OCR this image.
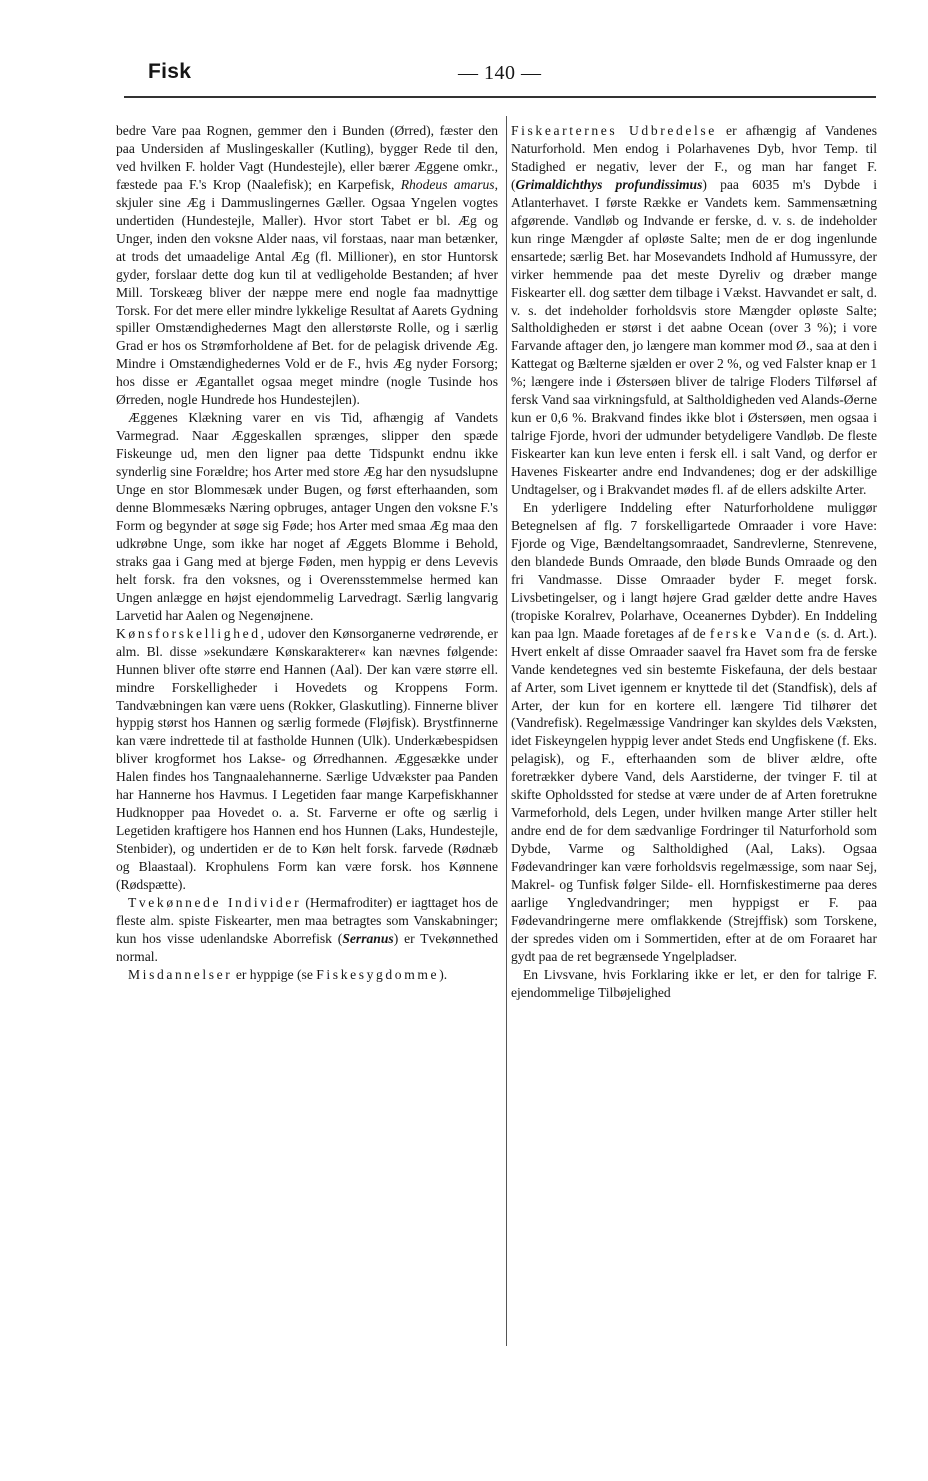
Fisk	— 140 —

bedre Vare paa Rognen, gemmer den i Bunden (Ørred), fæster den paa Undersiden af Muslingeskaller (Kutling), bygger Rede til den, ved hvilken F. holder Vagt (Hundestejle), eller bærer Æggene omkr., fæstede paa F.'s Krop (Naalefisk); en Karpefisk, Rhodeus amarus, skjuler sine Æg i Dammuslingernes Gæller. Ogsaa Yngelen vogtes undertiden (Hundestejle, Maller). Hvor stort Tabet er bl. Æg og Unger, inden den voksne Alder naas, vil forstaas, naar man betænker, at trods det umaadelige Antal Æg (fl. Millioner), en stor Huntorsk gyder, forslaar dette dog kun til at vedligeholde Bestanden; af hver Mill. Torskeæg bliver der næppe mere end nogle faa madnyttige Torsk. For det mere eller mindre lykkelige Resultat af Aarets Gydning spiller Omstændighedernes Magt den allerstørste Rolle, og i særlig Grad er hos os Strømforholdene af Bet. for de pelagisk drivende Æg. Mindre i Omstændighedernes Vold er de F., hvis Æg nyder Forsorg; hos disse er Ægantallet ogsaa meget mindre (nogle Tusinde hos Ørreden, nogle Hundrede hos Hundestejlen).

Æggenes Klækning varer en vis Tid, afhængig af Vandets Varmegrad. Naar Æggeskallen sprænges, slipper den spæde Fiskeunge ud, men den ligner paa dette Tidspunkt endnu ikke synderlig sine Forældre; hos Arter med store Æg har den nysudslupne Unge en stor Blommesæk under Bugen, og først efterhaanden, som denne Blommesæks Næring opbruges, antager Ungen den voksne F.'s Form og begynder at søge sig Føde; hos Arter med smaa Æg maa den udkrøbne Unge, som ikke har noget af Æggets Blomme i Behold, straks gaa i Gang med at bjerge Føden, men hyppig er dens Levevis helt forsk. fra den voksnes, og i Overensstemmelse hermed kan Ungen anlægge en højst ejendommelig Larvedragt. Særlig langvarig Larvetid har Aalen og Negenøjnene.

Kønsforskellighed, udover den Kønsorganerne vedrørende, er alm. Bl. disse »sekundære Kønskarakterer« kan nævnes følgende: Hunnen bliver ofte større end Hannen (Aal). Der kan være større ell. mindre Forskelligheder i Hovedets og Kroppens Form. Tandvæbningen kan være uens (Rokker, Glaskutling). Finnerne bliver hyppig størst hos Hannen og særlig formede (Fløjfisk). Brystfinnerne kan være indrettede til at fastholde Hunnen (Ulk). Underkæbespidsen bliver krogformet hos Lakse- og Ørredhannen. Æggesække under Halen findes hos Tangnaalehannerne. Særlige Udvækster paa Panden har Hannerne hos Havmus. I Legetiden faar mange Karpefiskhanner Hudknopper paa Hovedet o. a. St. Farverne er ofte og særlig i Legetiden kraftigere hos Hannen end hos Hunnen (Laks, Hundestejle, Stenbider), og undertiden er de to Køn helt forsk. farvede (Rødnæb og Blaastaal). Krophulens Form kan være forsk. hos Kønnene (Rødspætte).

Tvekønnede Individer (Hermafroditer) er iagttaget hos de fleste alm. spiste Fiskearter, men maa betragtes som Vanskabninger; kun hos visse udenlandske Aborrefisk (Serranus) er Tvekønnethed normal.

Misdannelser er hyppige (se Fiskesygdomme).

Fiskearternes Udbredelse er afhængig af Vandenes Naturforhold. Men endog i Polarhavenes Dyb, hvor Temp. til Stadighed er negativ, lever der F., og man har fanget F. (Grimaldichthys profundissimus) paa 6035 m's Dybde i Atlanterhavet. I første Række er Vandets kem. Sammensætning afgørende. Vandløb og Indvande er ferske, d. v. s. de indeholder kun ringe Mængder af opløste Salte; men de er dog ingenlunde ensartede; særlig Bet. har Mosevandets Indhold af Humussyre, der virker hemmende paa det meste Dyreliv og dræber mange Fiskearter ell. dog sætter dem tilbage i Vækst. Havvandet er salt, d. v. s. det indeholder forholdsvis store Mængder opløste Salte; Saltholdigheden er størst i det aabne Ocean (over 3 %); i vore Farvande aftager den, jo længere man kommer mod Ø., saa at den i Kattegat og Bælterne sjælden er over 2 %, og ved Falster knap er 1 %; længere inde i Østersøen bliver de talrige Floders Tilførsel af fersk Vand saa virkningsfuld, at Saltholdigheden ved Alands-Øerne kun er 0,6 %. Brakvand findes ikke blot i Østersøen, men ogsaa i talrige Fjorde, hvori der udmunder betydeligere Vandløb. De fleste Fiskearter kan kun leve enten i fersk ell. i salt Vand, og derfor er Havenes Fiskearter andre end Indvandenes; dog er der adskillige Undtagelser, og i Brakvandet mødes fl. af de ellers adskilte Arter.

En yderligere Inddeling efter Naturforholdene muliggør Betegnelsen af flg. 7 forskelligartede Omraader i vore Have: Fjorde og Vige, Bændeltangsomraadet, Sandrevlerne, Stenrevene, den blandede Bunds Omraade, den bløde Bunds Omraade og den fri Vandmasse. Disse Omraader byder F. meget forsk. Livsbetingelser, og i langt højere Grad gælder dette andre Haves (tropiske Koralrev, Polarhave, Oceanernes Dybder). En Inddeling kan paa lgn. Maade foretages af de ferske Vande (s. d. Art.). Hvert enkelt af disse Omraader saavel fra Havet som fra de ferske Vande kendetegnes ved sin bestemte Fiskefauna, der dels bestaar af Arter, som Livet igennem er knyttede til det (Standfisk), dels af Arter, der kun for en kortere ell. længere Tid tilhører det (Vandrefisk). Regelmæssige Vandringer kan skyldes dels Væksten, idet Fiskeyngelen hyppig lever andet Steds end Ungfiskene (f. Eks. pelagisk), og F., efterhaanden som de bliver ældre, ofte foretrækker dybere Vand, dels Aarstiderne, der tvinger F. til at skifte Opholdssted for stedse at være under de af Arten foretrukne Varmeforhold, dels Legen, under hvilken mange Arter stiller helt andre end de for dem sædvanlige Fordringer til Naturforhold som Dybde, Varme og Saltholdighed (Aal, Laks). Ogsaa Fødevandringer kan være forholdsvis regelmæssige, som naar Sej, Makrel- og Tunfisk følger Silde- ell. Hornfiskestimerne paa deres aarlige Yngledvandringer; men hyppigst er F. paa Fødevandringerne mere omflakkende (Strejffisk) som Torskene, der spredes viden om i Sommertiden, efter at de om Foraaret har gydt paa de ret begrænsede Yngelpladser.

En Livsvane, hvis Forklaring ikke er let, er den for talrige F. ejendommelige Tilbøjelighed
